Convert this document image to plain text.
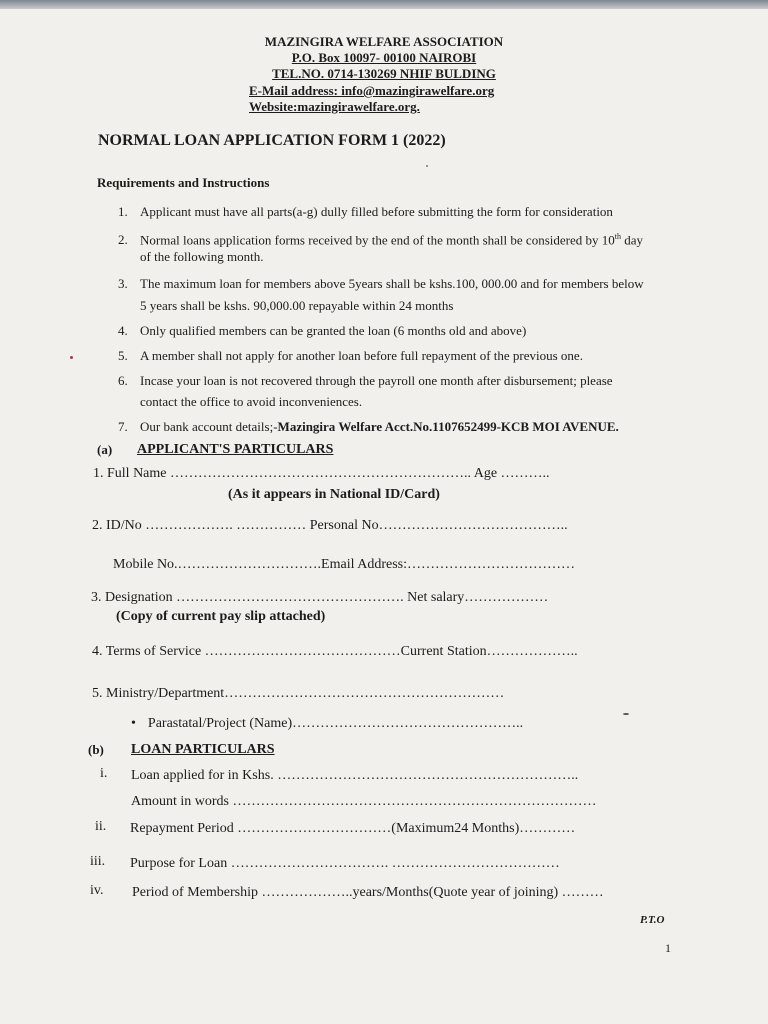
MAZINGIRA WELFARE ASSOCIATION
P.O. Box 10097- 00100 NAIROBI
TEL.NO. 0714-130269 NHIF BULDING
E-Mail address: info@mazingirawelfare.org
Website:mazingirawelfare.org.
NORMAL LOAN APPLICATION FORM 1 (2022)
Requirements and Instructions
1. Applicant must have all parts(a-g) dully filled before submitting the form for consideration
2. Normal loans application forms received by the end of the month shall be considered by 10th day
of the following month.
3. The maximum loan for members above 5years shall be kshs.100, 000.00 and for members below
5 years shall be kshs. 90,000.00 repayable within 24 months
4. Only qualified members can be granted the loan (6 months old and above)
5. A member shall not apply for another loan before full repayment of the previous one.
6. Incase your loan is not recovered through the payroll one month after disbursement; please
contact the office to avoid inconveniences.
7. Our bank account details;-Mazingira Welfare Acct.No.1107652499-KCB MOI AVENUE.
(a) APPLICANT'S PARTICULARS
1. Full Name ……………………………………………………….. Age ………..
(As it appears in National ID/Card)
2. ID/No ………………. …………… Personal No…………………………………..
Mobile No.………………………….Email Address:………………………………
3. Designation …………………………………………. Net salary………………
(Copy of current pay slip attached)
4. Terms of Service ……………………………………Current Station………………..
5. Ministry/Department……………………………………………………
• Parastatal/Project (Name)…………………………………………..
(b) LOAN PARTICULARS
i. Loan applied for in Kshs. ………………………………………………………..
Amount in words ……………………………………………………………………
ii. Repayment Period ……………………………(Maximum24 Months)…………
iii. Purpose for Loan ……………………………. ………………………………
iv. Period of Membership ………………..years/Months(Quote year of joining) ………
P.T.O
1
